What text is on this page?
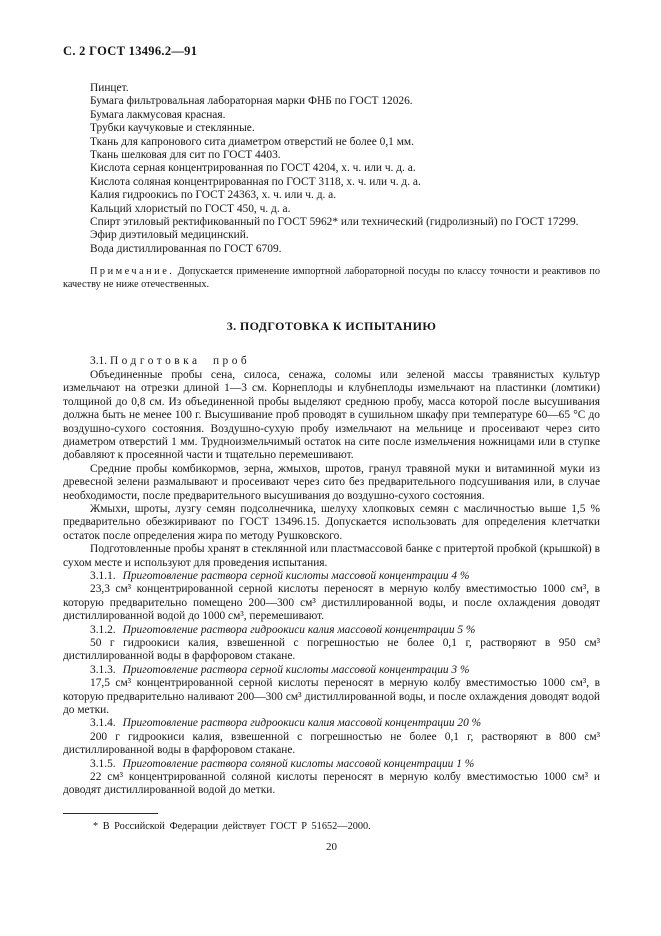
С. 2 ГОСТ 13496.2—91

Пинцет.

Бумага фильтровальная лабораторная марки ФНБ по ГОСТ 12026.

Бумага лакмусовая красная.

Трубки каучуковые и стеклянные.

Ткань для капронового сита диаметром отверстий не более 0,1 мм.

Ткань шелковая для сит по ГОСТ 4403.

Кислота серная концентрированная по ГОСТ 4204, х. ч. или ч. д. а.

Кислота соляная концентрированная по ГОСТ 3118, х. ч. или ч. д. а.

Калия гидроокись по ГОСТ 24363, х. ч. или ч. д. а.

Кальций хлористый по ГОСТ 450, ч. д. а.

Спирт этиловый ректификованный по ГОСТ 5962* или технический (гидролизный) по ГОСТ 17299.

Эфир диэтиловый медицинский.

Вода дистиллированная по ГОСТ 6709.

Примечание. Допускается применение импортной лабораторной посуды по классу точности и реактивов по качеству не ниже отечественных.

3. ПОДГОТОВКА К ИСПЫТАНИЮ

3.1. Подготовка проб

Объединенные пробы сена, силоса, сенажа, соломы или зеленой массы травянистых культур измельчают на отрезки длиной 1—3 см. Корнеплоды и клубнеплоды измельчают на пластинки (ломтики) толщиной до 0,8 см. Из объединенной пробы выделяют среднюю пробу, масса которой после высушивания должна быть не менее 100 г. Высушивание проб проводят в сушильном шкафу при температуре 60—65 °С до воздушно-сухого состояния. Воздушно-сухую пробу измельчают на мельнице и просеивают через сито диаметром отверстий 1 мм. Трудноизмельчимый остаток на сите после измельчения ножницами или в ступке добавляют к просеянной части и тщательно перемешивают.

Средние пробы комбикормов, зерна, жмыхов, шротов, гранул травяной муки и витаминной муки из древесной зелени размалывают и просеивают через сито без предварительного подсушивания или, в случае необходимости, после предварительного высушивания до воздушно-сухого состояния.

Жмыхи, шроты, лузгу семян подсолнечника, шелуху хлопковых семян с масличностью выше 1,5 % предварительно обезжиривают по ГОСТ 13496.15. Допускается использовать для определения клетчатки остаток после определения жира по методу Рушковского.

Подготовленные пробы хранят в стеклянной или пластмассовой банке с притертой пробкой (крышкой) в сухом месте и используют для проведения испытания.

3.1.1. Приготовление раствора серной кислоты массовой концентрации 4 %

23,3 см³ концентрированной серной кислоты переносят в мерную колбу вместимостью 1000 см³, в которую предварительно помещено 200—300 см³ дистиллированной воды, и после охлаждения доводят дистиллированной водой до 1000 см³, перемешивают.

3.1.2. Приготовление раствора гидроокиси калия массовой концентрации 5 %

50 г гидроокиси калия, взвешенной с погрешностью не более 0,1 г, растворяют в 950 см³ дистиллированной воды в фарфоровом стакане.

3.1.3. Приготовление раствора серной кислоты массовой концентрации 3 %

17,5 см³ концентрированной серной кислоты переносят в мерную колбу вместимостью 1000 см³, в которую предварительно наливают 200—300 см³ дистиллированной воды, и после охлаждения доводят водой до метки.

3.1.4. Приготовление раствора гидроокиси калия массовой концентрации 20 %

200 г гидроокиси калия, взвешенной с погрешностью не более 0,1 г, растворяют в 800 см³ дистиллированной воды в фарфоровом стакане.

3.1.5. Приготовление раствора соляной кислоты массовой концентрации 1 %

22 см³ концентрированной соляной кислоты переносят в мерную колбу вместимостью 1000 см³ и доводят дистиллированной водой до метки.

* В Российской Федерации действует ГОСТ Р 51652—2000.

20
